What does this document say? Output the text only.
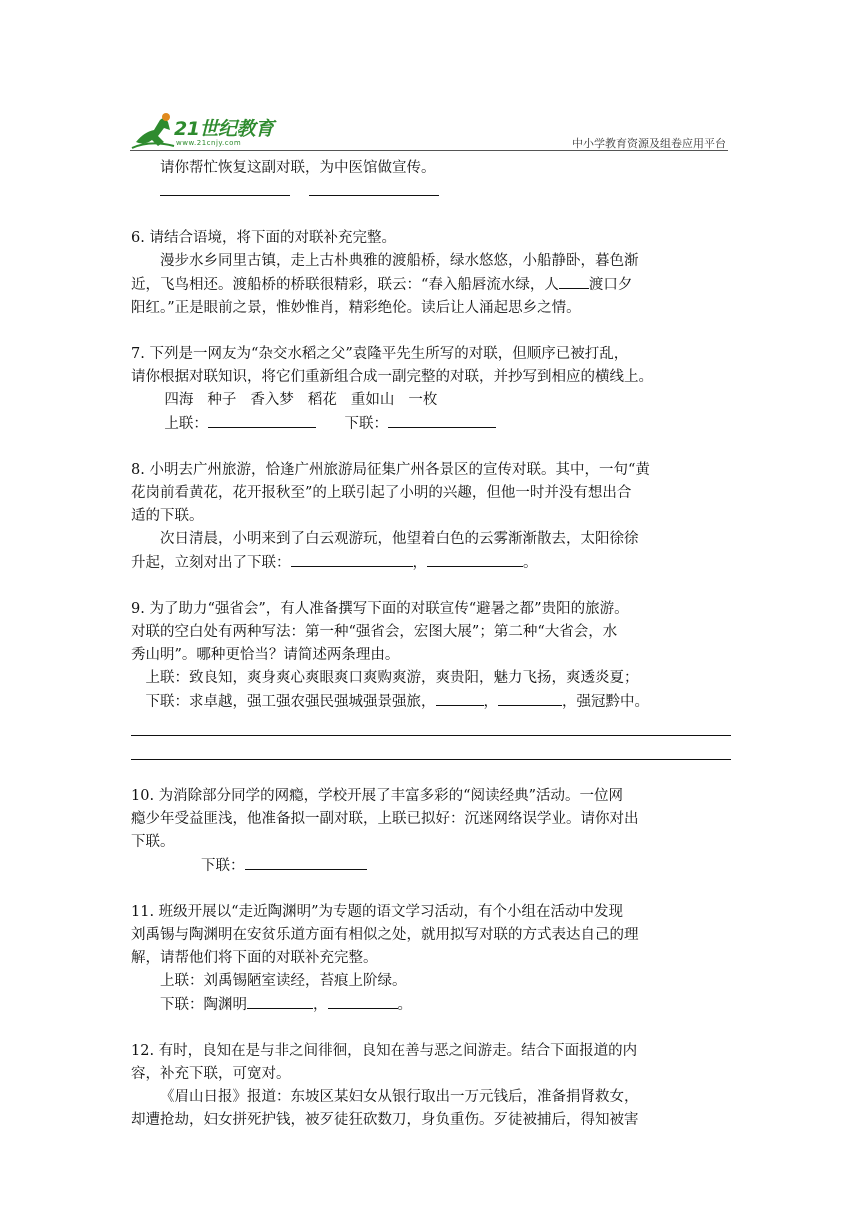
21世纪教育
www.21cnjy.com	中小学教育资源及组卷应用平台

请你帮忙恢复这副对联，为中医馆做宣传。

6. 请结合语境，将下面的对联补充完整。

漫步水乡同里古镇，走上古朴典雅的渡船桥，绿水悠悠，小船静卧，暮色渐

近，飞鸟相还。渡船桥的桥联很精彩，联云：“春入船唇流水绿，人 渡口夕

阳红。”正是眼前之景，惟妙惟肖，精彩绝伦。读后让人涌起思乡之情。

7. 下列是一网友为“杂交水稻之父”袁隆平先生所写的对联，但顺序已被打乱，

请你根据对联知识，将它们重新组合成一副完整的对联，并抄写到相应的横线上。

四海 种子 香入梦 稻花 重如山 一枚

上联：	下联：

8. 小明去广州旅游，恰逢广州旅游局征集广州各景区的宣传对联。其中，一句“黄

花岗前看黄花，花开报秋至”的上联引起了小明的兴趣，但他一时并没有想出合

适的下联。

次日清晨，小明来到了白云观游玩，他望着白色的云雾渐渐散去，太阳徐徐

升起，立刻对出了下联：	，	。

9. 为了助力“强省会”，有人准备撰写下面的对联宣传“避暑之都”贵阳的旅游。

对联的空白处有两种写法：第一种“强省会，宏图大展”；第二种“大省会，水

秀山明”。哪种更恰当？请简述两条理由。

上联：致良知，爽身爽心爽眼爽口爽购爽游，爽贵阳，魅力飞扬，爽透炎夏；

下联：求卓越，强工强农强民强城强景强旅，	，	，强冠黔中。

10. 为消除部分同学的网瘾，学校开展了丰富多彩的“阅读经典”活动。一位网

瘾少年受益匪浅，他准备拟一副对联，上联已拟好：沉迷网络误学业。请你对出

下联。

下联：

11. 班级开展以“走近陶渊明”为专题的语文学习活动，有个小组在活动中发现

刘禹锡与陶渊明在安贫乐道方面有相似之处，就用拟写对联的方式表达自己的理

解，请帮他们将下面的对联补充完整。

上联：刘禹锡陋室读经，苔痕上阶绿。

下联：陶渊明	，	。

12. 有时，良知在是与非之间徘徊，良知在善与恶之间游走。结合下面报道的内

容，补充下联，可宽对。

《眉山日报》报道：东坡区某妇女从银行取出一万元钱后，准备捐肾救女，

却遭抢劫，妇女拼死护钱，被歹徒狂砍数刀，身负重伤。歹徒被捕后，得知被害
